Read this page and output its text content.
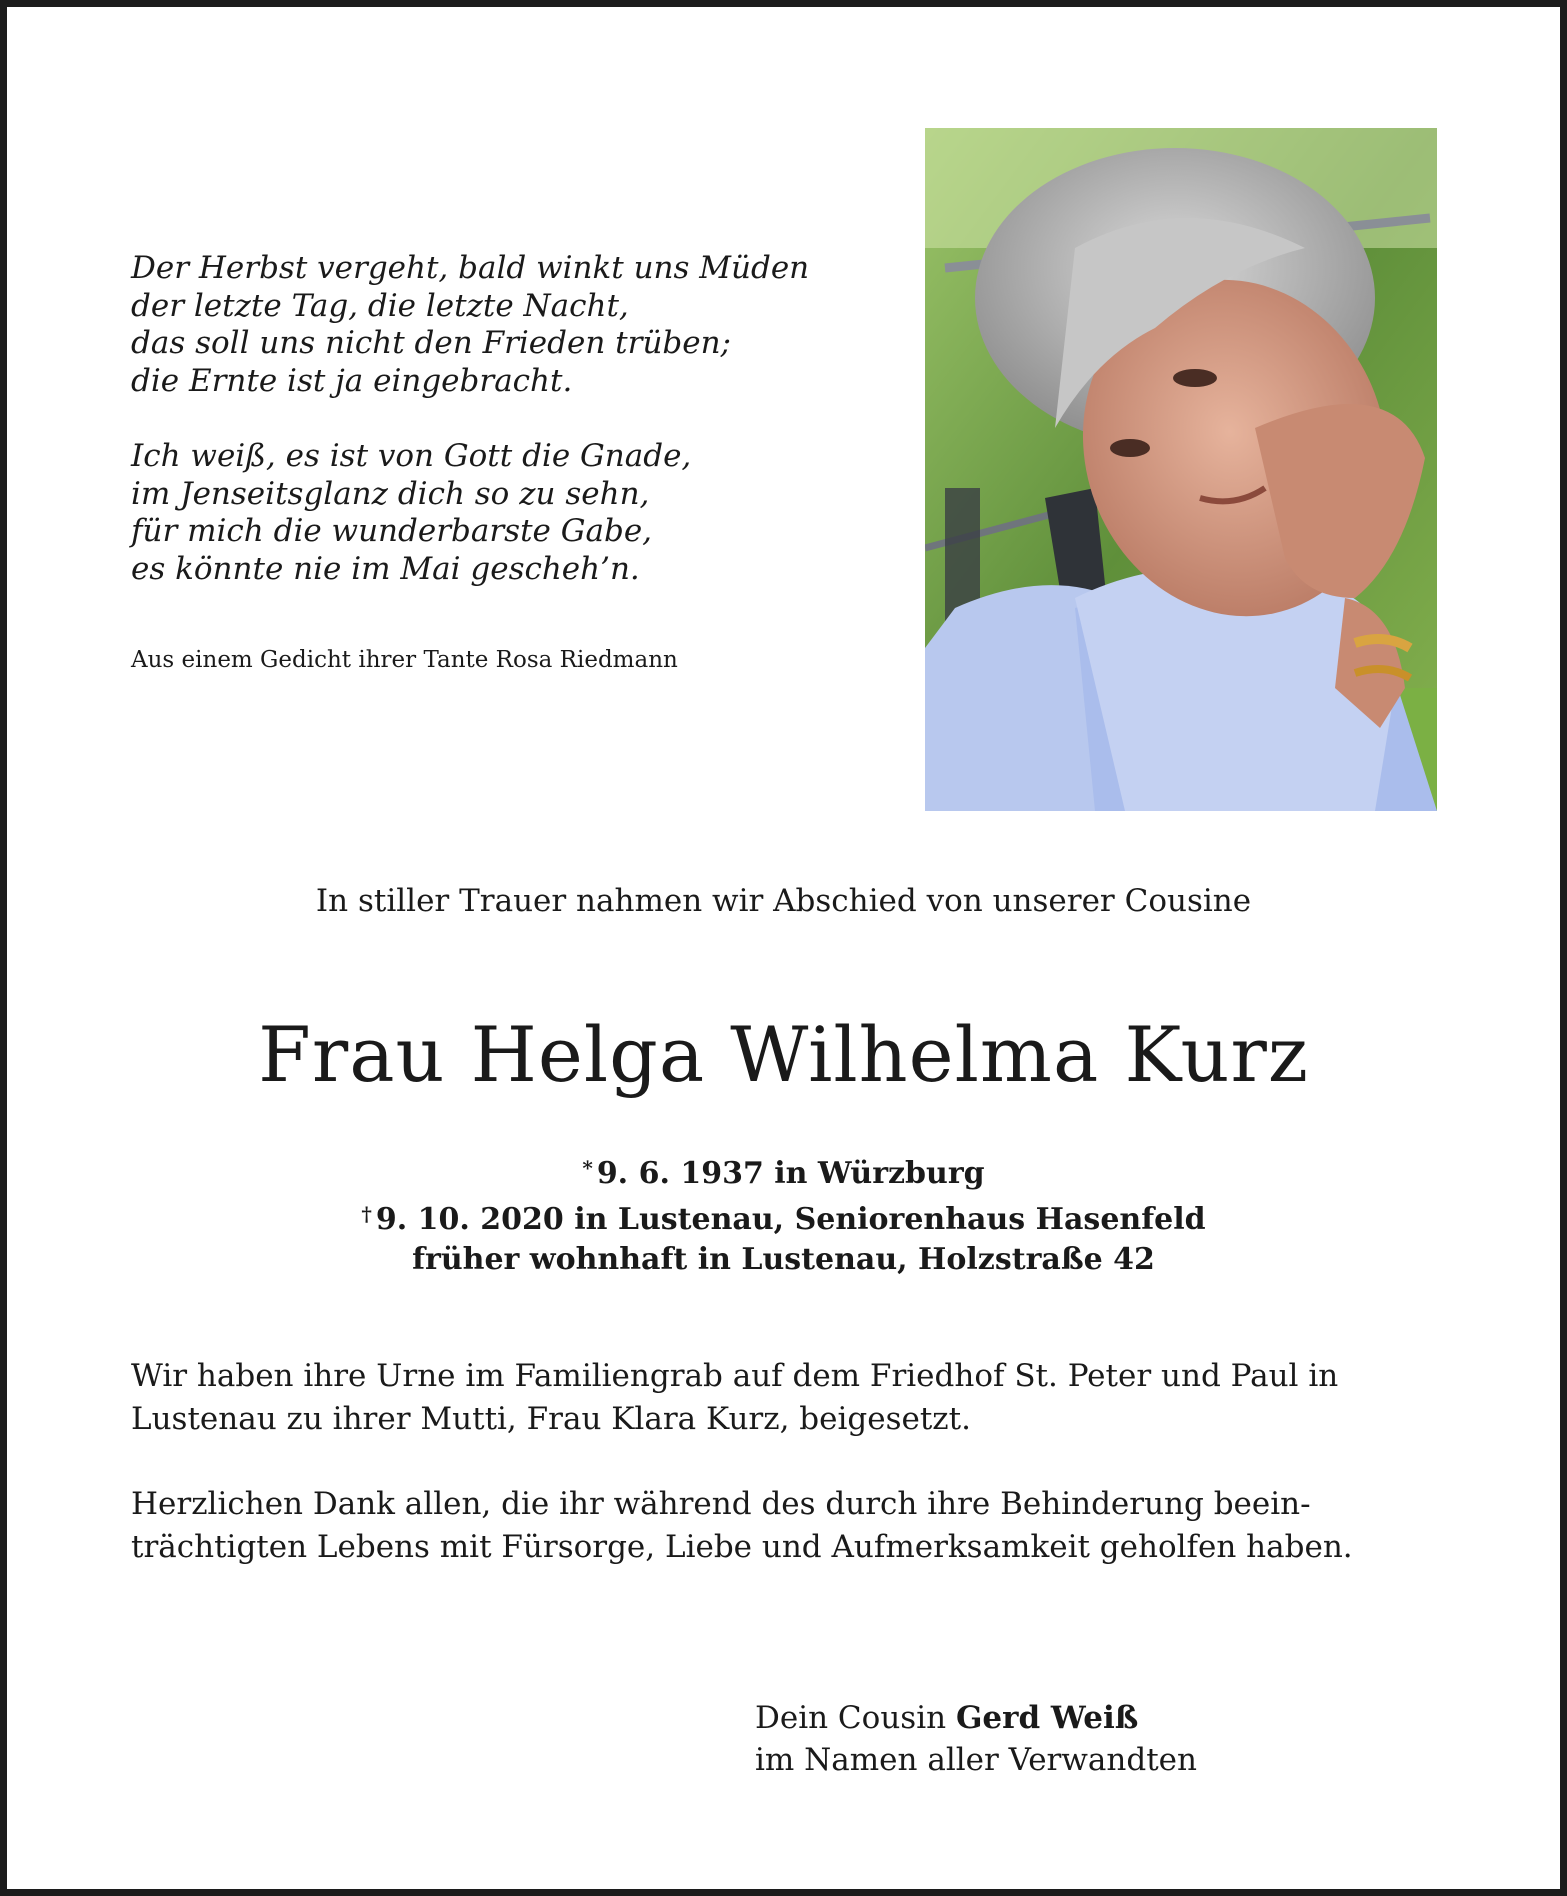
Der Herbst vergeht, bald winkt uns Müden
der letzte Tag, die letzte Nacht,
das soll uns nicht den Frieden trüben;
die Ernte ist ja eingebracht.

Ich weiß, es ist von Gott die Gnade,
im Jenseitsglanz dich so zu sehn,
für mich die wunderbarste Gabe,
es könnte nie im Mai gescheh’n.

Aus einem Gedicht ihrer Tante Rosa Riedmann
In stiller Trauer nahmen wir Abschied von unserer Cousine
Frau Helga Wilhelma Kurz
* 9. 6. 1937 in Würzburg
† 9. 10. 2020 in Lustenau, Seniorenhaus Hasenfeld
früher wohnhaft in Lustenau, Holzstraße 42

Wir haben ihre Urne im Familiengrab auf dem Friedhof St. Peter und Paul in

Lustenau zu ihrer Mutti, Frau Klara Kurz, beigesetzt.

Herzlichen Dank allen, die ihr während des durch ihre Behinderung beein-

trächtigten Lebens mit Fürsorge, Liebe und Aufmerksamkeit geholfen haben.

Dein Cousin Gerd Weiß
im Namen aller Verwandten
